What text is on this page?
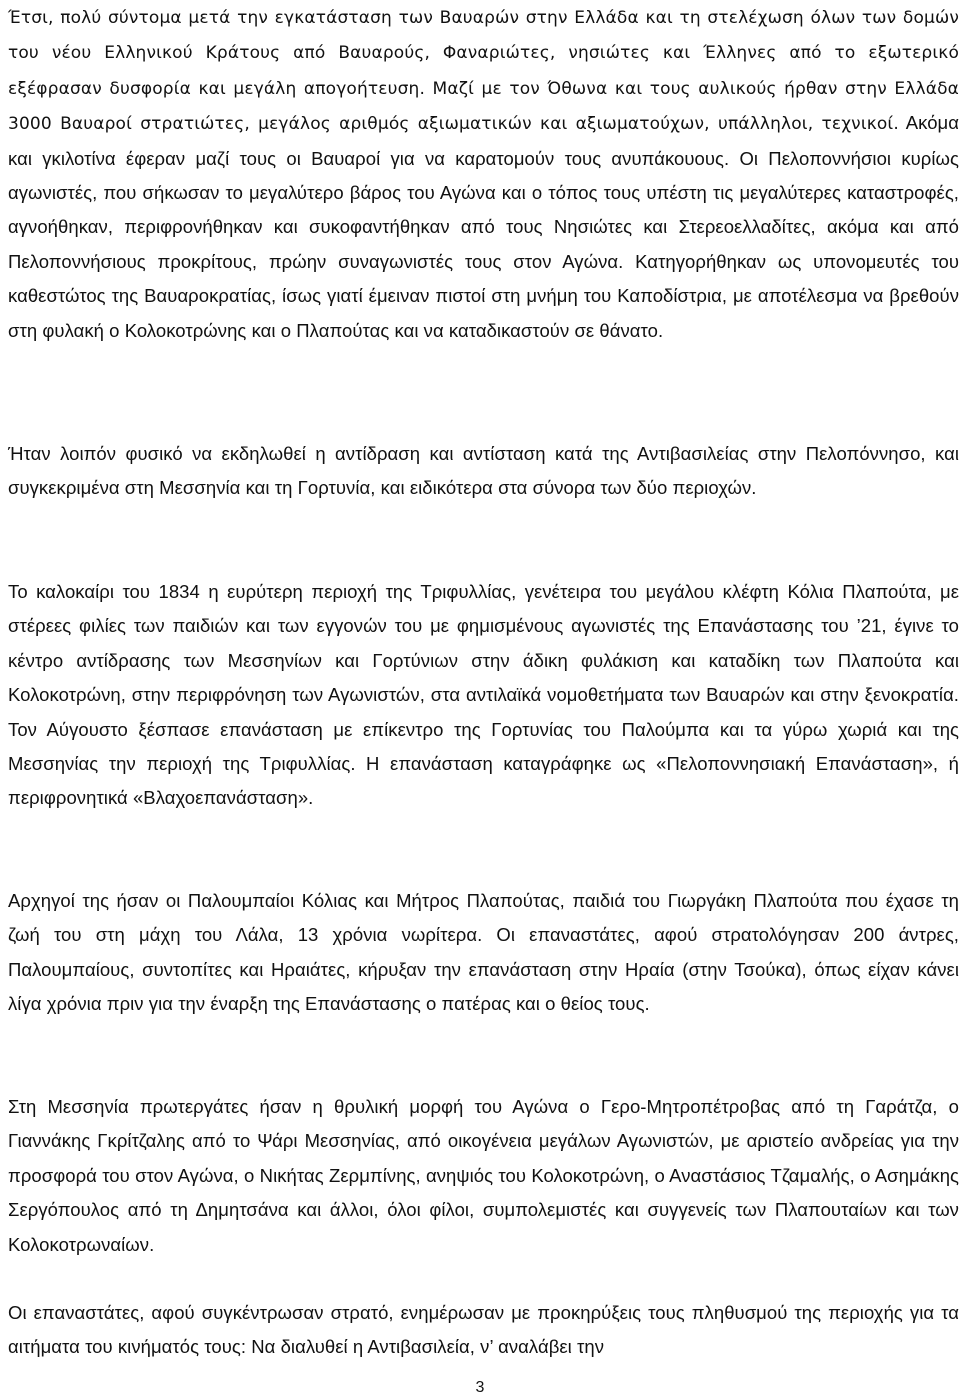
Έτσι, πολύ σύντομα μετά την εγκατάσταση των Βαυαρών στην Ελλάδα και τη στελέχωση όλων των δομών του νέου Ελληνικού Κράτους από Βαυαρούς, Φαναριώτες, νησιώτες και Έλληνες από το εξωτερικό εξέφρασαν δυσφορία και μεγάλη απογοήτευση. Μαζί με τον Όθωνα και τους αυλικούς ήρθαν στην Ελλάδα 3000 Βαυαροί στρατιώτες, μεγάλος αριθμός αξιωματικών και αξιωματούχων, υπάλληλοι, τεχνικοί. Ακόμα και γκιλοτίνα έφεραν μαζί τους οι Βαυαροί για να καρατομούν τους ανυπάκουους. Οι Πελοποννήσιοι κυρίως αγωνιστές, που σήκωσαν το μεγαλύτερο βάρος του Αγώνα και ο τόπος τους υπέστη τις μεγαλύτερες καταστροφές, αγνοήθηκαν, περιφρονήθηκαν και συκοφαντήθηκαν από τους Νησιώτες και Στερεοελλαδίτες, ακόμα και από Πελοποννήσιους προκρίτους, πρώην συναγωνιστές τους στον Αγώνα. Κατηγορήθηκαν ως υπονομευτές του καθεστώτος της Βαυαροκρατίας, ίσως γιατί έμειναν πιστοί στη μνήμη του Καποδίστρια, με αποτέλεσμα να βρεθούν στη φυλακή ο Κολοκοτρώνης και ο Πλαπούτας και να καταδικαστούν σε θάνατο.

Ήταν λοιπόν φυσικό να εκδηλωθεί η αντίδραση και αντίσταση κατά της Αντιβασιλείας στην Πελοπόννησο, και συγκεκριμένα στη Μεσσηνία και τη Γορτυνία, και ειδικότερα στα σύνορα των δύο περιοχών.

Το καλοκαίρι του 1834 η ευρύτερη περιοχή της Τριφυλλίας, γενέτειρα του μεγάλου κλέφτη Κόλια Πλαπούτα, με στέρεες φιλίες των παιδιών και των εγγονών του με φημισμένους αγωνιστές της Επανάστασης του ’21, έγινε το κέντρο αντίδρασης των Μεσσηνίων και Γορτύνιων στην άδικη φυλάκιση και καταδίκη των Πλαπούτα και Κολοκοτρώνη, στην περιφρόνηση των Αγωνιστών, στα αντιλαϊκά νομοθετήματα των Βαυαρών και στην ξενοκρατία. Τον Αύγουστο ξέσπασε επανάσταση με επίκεντρο της Γορτυνίας του Παλούμπα και τα γύρω χωριά και της Μεσσηνίας την περιοχή της Τριφυλλίας. Η επανάσταση καταγράφηκε ως «Πελοποννησιακή Επανάσταση», ή περιφρονητικά «Βλαχοεπανάσταση».

Αρχηγοί της ήσαν οι Παλουμπαίοι Κόλιας και Μήτρος Πλαπούτας, παιδιά του Γιωργάκη Πλαπούτα που έχασε τη ζωή του στη μάχη του Λάλα, 13 χρόνια νωρίτερα. Οι επαναστάτες, αφού στρατολόγησαν 200 άντρες, Παλουμπαίους, συντοπίτες και Ηραιάτες, κήρυξαν την επανάσταση στην Ηραία (στην Τσούκα), όπως είχαν κάνει λίγα χρόνια πριν για την έναρξη της Επανάστασης ο πατέρας και ο θείος τους.

Στη Μεσσηνία πρωτεργάτες ήσαν η θρυλική μορφή του Αγώνα ο Γερο-Μητροπέτροβας από τη Γαράτζα, ο Γιαννάκης Γκρίτζαλης από το Ψάρι Μεσσηνίας, από οικογένεια μεγάλων Αγωνιστών, με αριστείο ανδρείας για την προσφορά του στον Αγώνα, ο Νικήτας Ζερμπίνης, ανηψιός του Κολοκοτρώνη, ο Αναστάσιος Τζαμαλής, ο Ασημάκης Σεργόπουλος από τη Δημητσάνα και άλλοι, όλοι φίλοι, συμπολεμιστές και συγγενείς των Πλαπουταίων και των Κολοκοτρωναίων.

Οι επαναστάτες, αφού συγκέντρωσαν στρατό, ενημέρωσαν με προκηρύξεις τους πληθυσμού της περιοχής για τα αιτήματα του κινήματός τους: Να διαλυθεί η Αντιβασιλεία, ν’ αναλάβει την

3
